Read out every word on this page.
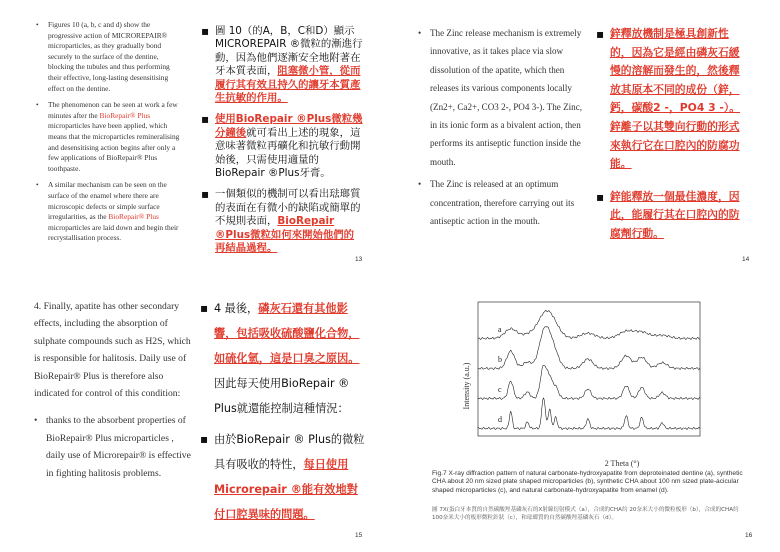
• Figures 10 (a, b, c and d) show the progressive action of MICROREPAIR® microparticles, as they gradually bond securely to the surface of the dentine, blocking the tubules and thus performing their effective, long-lasting desensitising effect on the dentine.
• The phenomenon can be seen at work a few minutes after the BioRepair® Plus microparticles have been applied, which means that the microparticles remineralising and desensitising action begins after only a few applications of BioRepair® Plus toothpaste.
• A similar mechanism can be seen on the surface of the enamel where there are microscopic defects or simple surface irregularities, as the BioRepair® Plus microparticles are laid down and begin their recrystallisation process.
▪ 圖 10（的A，B，C和D）顯示MICROREPAIR ®微粒的漸進行動，因為他們逐漸安全地附著在牙本質表面，阻塞微小管，從而履行其有效且持久的讓牙本質產生抗敏的作用。
▪ 使用BioRepair ®Plus微粒幾分鐘後就可看出上述的現象，這意味著微粒再礦化和抗敏行動開始後，只需使用適量的BioRepair ®Plus牙膏。
▪ 一個類似的機制可以看出琺瑯質的表面在有微小的缺陷或簡單的不規則表面，BioRepair ®Plus微粒如何來開始他們的再結晶過程。
13
• The Zinc release mechanism is extremely innovative, as it takes place via slow dissolution of the apatite, which then releases its various components locally (Zn2+, Ca2+, CO3 2-, PO4 3-). The Zinc, in its ionic form as a bivalent action, then performs its antiseptic function inside the mouth.
• The Zinc is released at an optimum concentration, therefore carrying out its antiseptic action in the mouth.
▪ 鋅釋放機制是極具創新性的，因為它是經由磷灰石緩慢的溶解而發生的，然後釋放其原本不同的成份（鋅，鈣，碳酸2 -，PO4 3 -）。鋅離子以其雙向行動的形式來執行它在口腔內的防腐功能。
▪ 鋅能釋放一個最佳濃度，因此，能履行其在口腔內的防腐劑行動。
14
4. Finally, apatite has other secondary effects, including the absorption of sulphate compounds such as H2S, which is responsible for halitosis. Daily use of BioRepair® Plus is therefore also indicated for control of this condition:
• thanks to the absorbent properties of BioRepair® Plus microparticles , daily use of Microrepair® is effective in fighting halitosis problems.
▪ 4 最後，磷灰石還有其他影響，包括吸收硫酸鹽化合物，如硫化氫，這是口臭之原因。因此每天使用BioRepair ® Plus就還能控制這種情況：
▪ 由於BioRepair ® Plus的微粒具有吸收的特性，每日使用Microrepair ®能有效地對付口腔異味的問題。
15
a
b
c
d
Intensity (a.u.)
2 Theta (°)
Fig.7 X-ray diffraction pattern of natural carbonate-hydroxyapatite from deproteinated dentine (a), synthetic CHA about 20 nm sized plate shaped microparticles (b), synthetic CHA about 100 nm sized plate-acicular shaped microparticles (c), and natural carbonate-hydroxyapatite from enamel (d).
圖 7X(蛋白牙本質的自然碳酸羥基磷灰石的X射線衍射模式（a），合成的CHA約 20奈米大小的微粒板形（b），合成的CHA約 100奈米大小的板形微粒針狀（c），和琺瑯質的自然碳酸羥基磷灰石（d）。
16
